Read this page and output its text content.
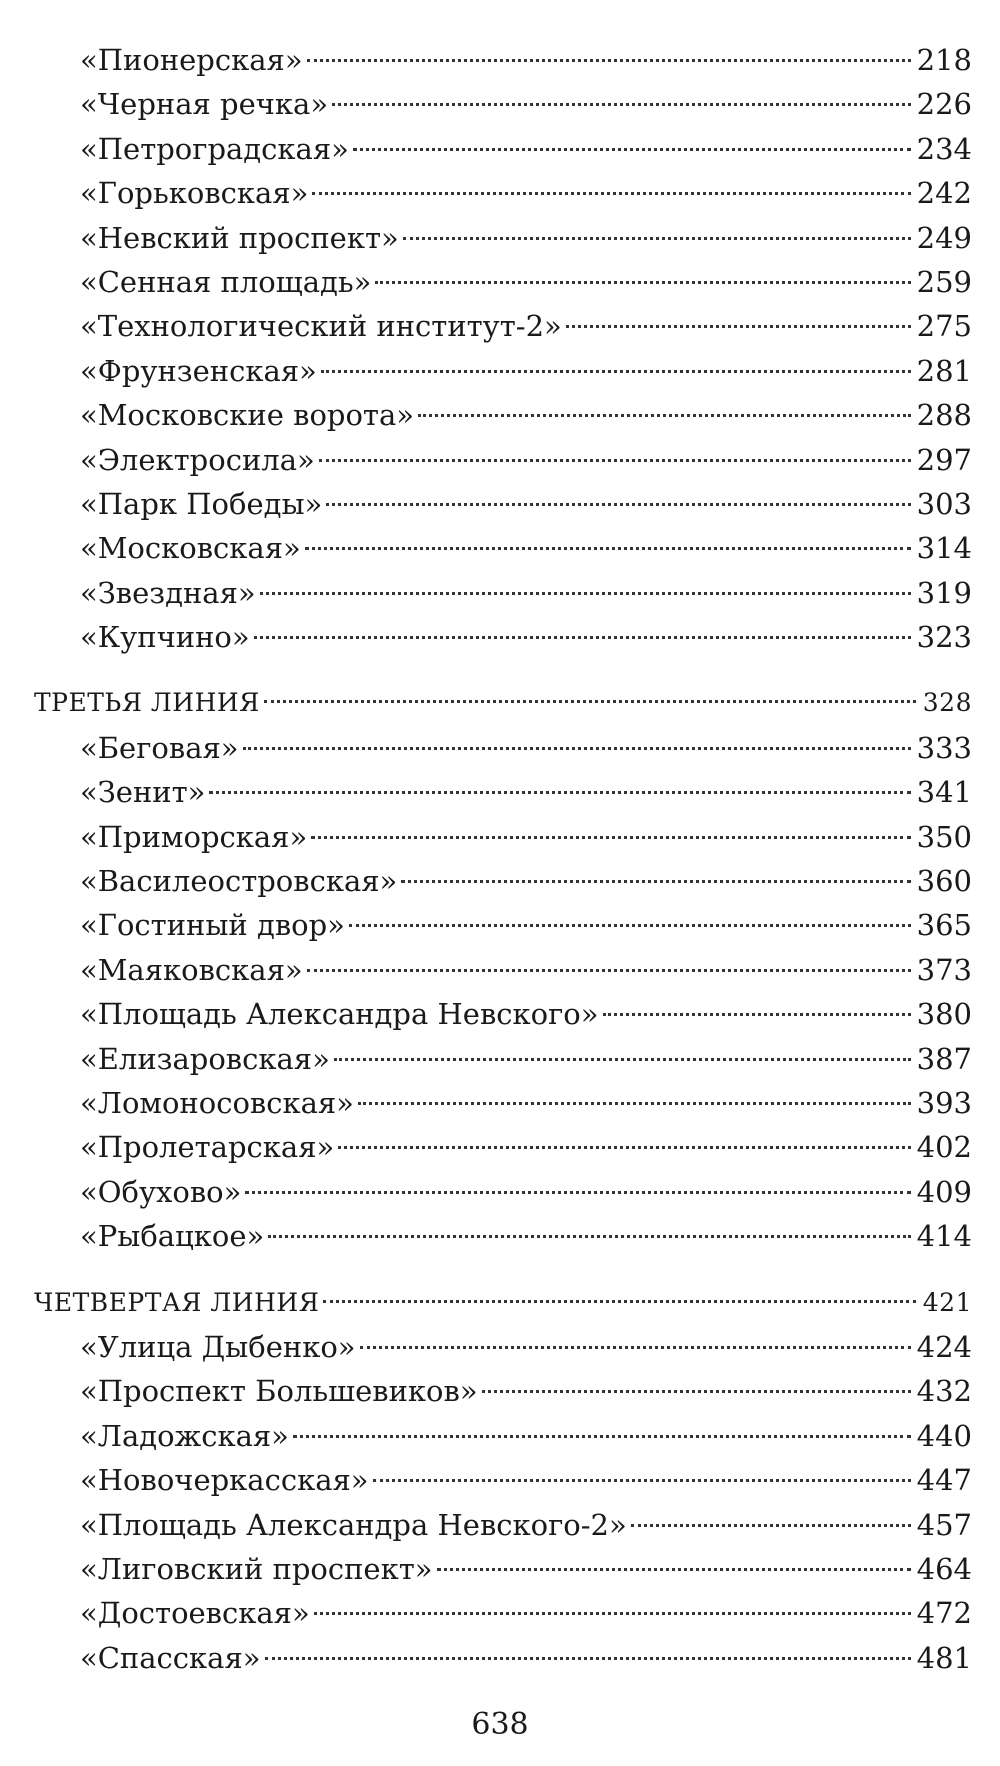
«Пионерская»	218
«Черная речка»	226
«Петроградская»	234
«Горьковская»	242
«Невский проспект»	249
«Сенная площадь»	259
«Технологический институт-2»	275
«Фрунзенская»	281
«Московские ворота»	288
«Электросила»	297
«Парк Победы»	303
«Московская»	314
«Звездная»	319
«Купчино»	323
ТРЕТЬЯ ЛИНИЯ	328
«Беговая»	333
«Зенит»	341
«Приморская»	350
«Василеостровская»	360
«Гостиный двор»	365
«Маяковская»	373
«Площадь Александра Невского»	380
«Елизаровская»	387
«Ломоносовская»	393
«Пролетарская»	402
«Обухово»	409
«Рыбацкое»	414
ЧЕТВЕРТАЯ ЛИНИЯ	421
«Улица Дыбенко»	424
«Проспект Большевиков»	432
«Ладожская»	440
«Новочеркасская»	447
«Площадь Александра Невского-2»	457
«Лиговский проспект»	464
«Достоевская»	472
«Спасская»	481
638
